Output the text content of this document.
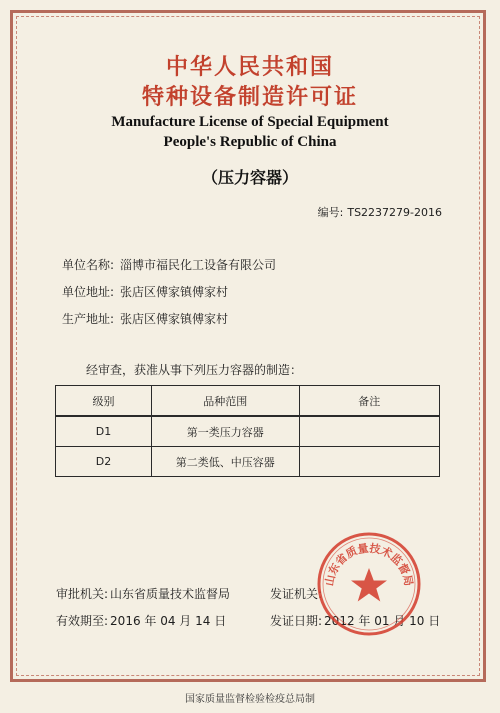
中华人民共和国
特种设备制造许可证
Manufacture License of Special Equipment
People's Republic of China
（压力容器）
编号: TS2237279-2016
单位名称: 淄博市福民化工设备有限公司
单位地址: 张店区傅家镇傅家村
生产地址: 张店区傅家镇傅家村
经审查，获准从事下列压力容器的制造：
级别	品种范围	备注
D1	第一类压力容器	
D2	第二类低、中压容器	
审批机关: 山东省质量技术监督局	发证机关:
有效期至: 2016 年 04 月 14 日	发证日期: 2012 年 01 月 10 日
山东省质量技术监督局
国家质量监督检验检疫总局制
